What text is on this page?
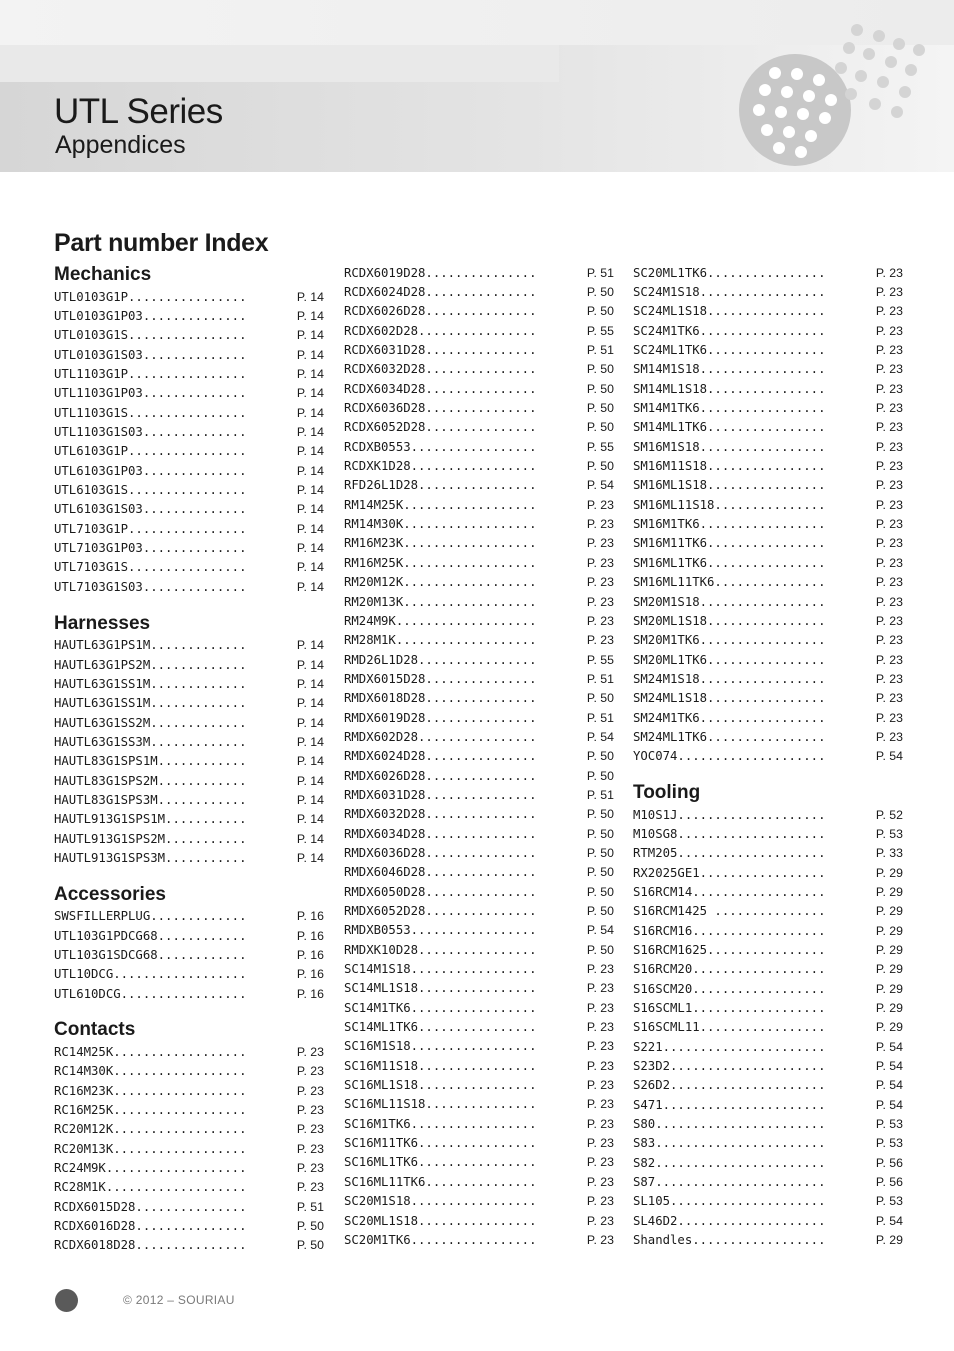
UTL Series
Appendices
Part number Index
Mechanics
UTL0103G1P................	P. 14
UTL0103G1P03..............	P. 14
UTL0103G1S................	P. 14
UTL0103G1S03..............	P. 14
UTL1103G1P................	P. 14
UTL1103G1P03..............	P. 14
UTL1103G1S................	P. 14
UTL1103G1S03..............	P. 14
UTL6103G1P................	P. 14
UTL6103G1P03..............	P. 14
UTL6103G1S................	P. 14
UTL6103G1S03..............	P. 14
UTL7103G1P................	P. 14
UTL7103G1P03..............	P. 14
UTL7103G1S................	P. 14
UTL7103G1S03..............	P. 14
Harnesses
HAUTL63G1PS1M.............	P. 14
HAUTL63G1PS2M.............	P. 14
HAUTL63G1SS1M.............	P. 14
HAUTL63G1SS1M.............	P. 14
HAUTL63G1SS2M.............	P. 14
HAUTL63G1SS3M.............	P. 14
HAUTL83G1SPS1M............	P. 14
HAUTL83G1SPS2M............	P. 14
HAUTL83G1SPS3M............	P. 14
HAUTL913G1SPS1M...........	P. 14
HAUTL913G1SPS2M...........	P. 14
HAUTL913G1SPS3M...........	P. 14
Accessories
SWSFILLERPLUG.............	P. 16
UTL103G1PDCG68............	P. 16
UTL103G1SDCG68............	P. 16
UTL10DCG..................	P. 16
UTL610DCG.................	P. 16
Contacts
RC14M25K..................	P. 23
RC14M30K..................	P. 23
RC16M23K..................	P. 23
RC16M25K..................	P. 23
RC20M12K..................	P. 23
RC20M13K..................	P. 23
RC24M9K...................	P. 23
RC28M1K...................	P. 23
RCDX6015D28...............	P. 51
RCDX6016D28...............	P. 50
RCDX6018D28...............	P. 50
RCDX6019D28...............	P. 51
RCDX6024D28...............	P. 50
RCDX6026D28...............	P. 50
RCDX602D28................	P. 55
RCDX6031D28...............	P. 51
RCDX6032D28...............	P. 50
RCDX6034D28...............	P. 50
RCDX6036D28...............	P. 50
RCDX6052D28...............	P. 50
RCDXB0553.................	P. 55
RCDXK1D28.................	P. 50
RFD26L1D28................	P. 54
RM14M25K..................	P. 23
RM14M30K..................	P. 23
RM16M23K..................	P. 23
RM16M25K..................	P. 23
RM20M12K..................	P. 23
RM20M13K..................	P. 23
RM24M9K...................	P. 23
RM28M1K...................	P. 23
RMD26L1D28................	P. 55
RMDX6015D28...............	P. 51
RMDX6018D28...............	P. 50
RMDX6019D28...............	P. 51
RMDX602D28................	P. 54
RMDX6024D28...............	P. 50
RMDX6026D28...............	P. 50
RMDX6031D28...............	P. 51
RMDX6032D28...............	P. 50
RMDX6034D28...............	P. 50
RMDX6036D28...............	P. 50
RMDX6046D28...............	P. 50
RMDX6050D28...............	P. 50
RMDX6052D28...............	P. 50
RMDXB0553.................	P. 54
RMDXK10D28................	P. 50
SC14M1S18.................	P. 23
SC14ML1S18................	P. 23
SC14M1TK6.................	P. 23
SC14ML1TK6................	P. 23
SC16M1S18.................	P. 23
SC16M11S18................	P. 23
SC16ML1S18................	P. 23
SC16ML11S18...............	P. 23
SC16M1TK6.................	P. 23
SC16M11TK6................	P. 23
SC16ML1TK6................	P. 23
SC16ML11TK6...............	P. 23
SC20M1S18.................	P. 23
SC20ML1S18................	P. 23
SC20M1TK6.................	P. 23
SC20ML1TK6................	P. 23
SC24M1S18.................	P. 23
SC24ML1S18................	P. 23
SC24M1TK6.................	P. 23
SC24ML1TK6................	P. 23
SM14M1S18.................	P. 23
SM14ML1S18................	P. 23
SM14M1TK6.................	P. 23
SM14ML1TK6................	P. 23
SM16M1S18.................	P. 23
SM16M11S18................	P. 23
SM16ML1S18................	P. 23
SM16ML11S18...............	P. 23
SM16M1TK6.................	P. 23
SM16M11TK6................	P. 23
SM16ML1TK6................	P. 23
SM16ML11TK6...............	P. 23
SM20M1S18.................	P. 23
SM20ML1S18................	P. 23
SM20M1TK6.................	P. 23
SM20ML1TK6................	P. 23
SM24M1S18.................	P. 23
SM24ML1S18................	P. 23
SM24M1TK6.................	P. 23
SM24ML1TK6................	P. 23
YOC074....................	P. 54
Tooling
M10S1J....................	P. 52
M10SG8....................	P. 53
RTM205....................	P. 33
RX2025GE1.................	P. 29
S16RCM14..................	P. 29
S16RCM1425 ...............	P. 29
S16RCM16..................	P. 29
S16RCM1625................	P. 29
S16RCM20..................	P. 29
S16SCM20..................	P. 29
S16SCML1..................	P. 29
S16SCML11.................	P. 29
S221......................	P. 54
S23D2.....................	P. 54
S26D2.....................	P. 54
S471......................	P. 54
S80.......................	P. 53
S83.......................	P. 53
S82.......................	P. 56
S87.......................	P. 56
SL105.....................	P. 53
SL46D2....................	P. 54
Shandles..................	P. 29
© 2012 – SOURIAU
